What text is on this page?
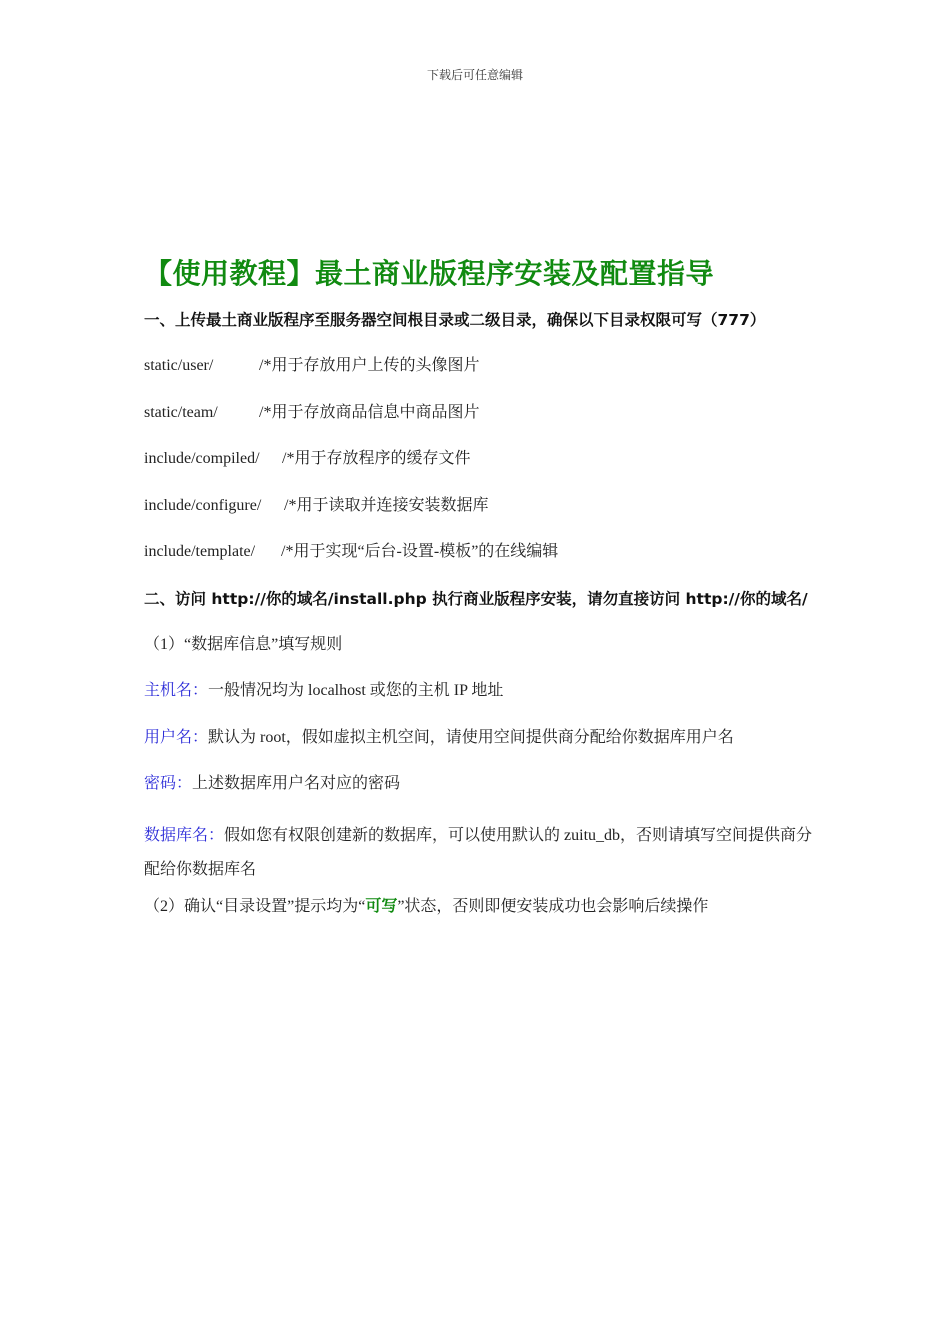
下载后可任意编辑
【使用教程】最土商业版程序安装及配置指导

一、上传最土商业版程序至服务器空间根目录或二级目录，确保以下目录权限可写（777）

static/user/	/*用于存放用户上传的头像图片
static/team/	/*用于存放商品信息中商品图片
include/compiled/ /*用于存放程序的缓存文件
include/configure/ /*用于读取并连接安装数据库
include/template/ /*用于实现“后台-设置-模板”的在线编辑

二、访问 http://你的域名/install.php 执行商业版程序安装，请勿直接访问 http://你的域名/

（1）“数据库信息”填写规则
主机名：一般情况均为 localhost 或您的主机 IP 地址
用户名：默认为 root，假如虚拟主机空间，请使用空间提供商分配给你数据库用户名
密码：上述数据库用户名对应的密码
数据库名：假如您有权限创建新的数据库，可以使用默认的 zuitu_db，否则请填写空间提供商分配给你数据库名
（2）确认“目录设置”提示均为“可写”状态，否则即便安装成功也会影响后续操作
